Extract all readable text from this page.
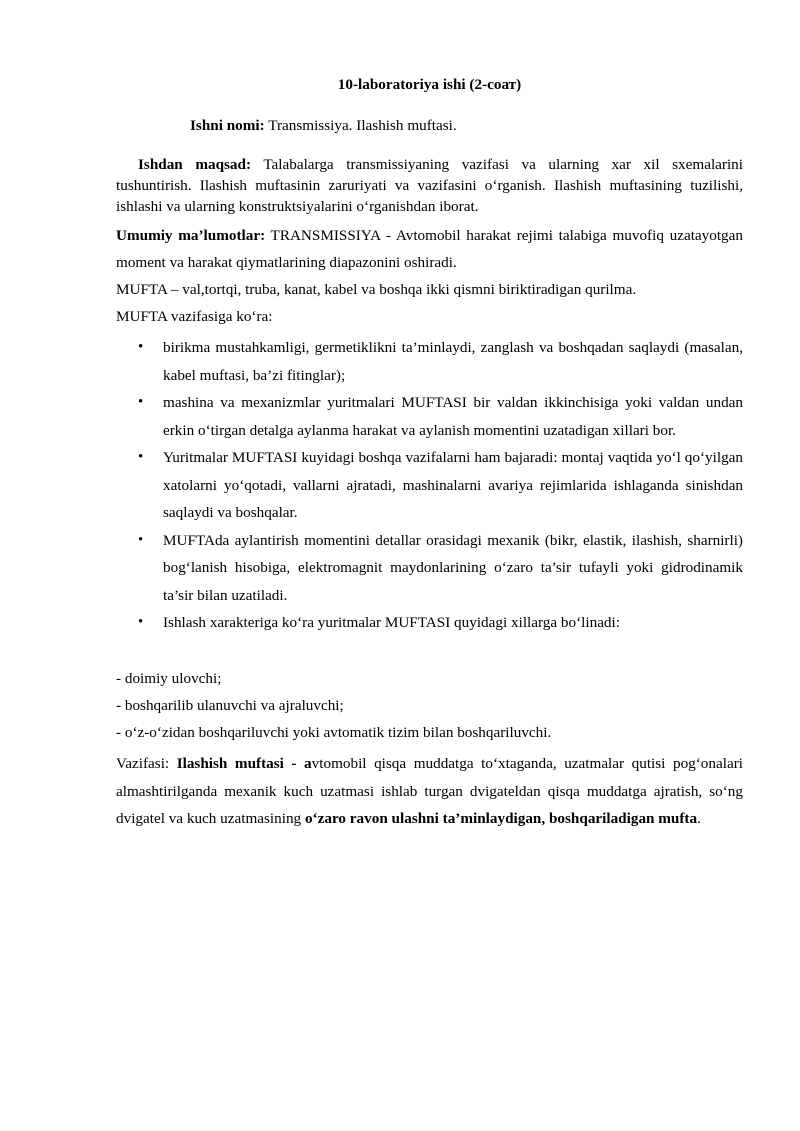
10-laboratoriya ishi (2-соат)
Ishni nomi: Transmissiya. Ilashish muftasi.

Ishdan maqsad: Talabalarga transmissiyaning vazifasi va ularning xar xil sxemalarini tushuntirish. Ilashish muftasinin zaruriyati va vazifasini o‘rganish. Ilashish muftasining tuzilishi, ishlashi va ularning konstruktsiyalarini o‘rganishdan iborat.

Umumiy ma’lumotlar: TRANSMISSIYA - Avtomobil harakat rejimi talabiga muvofiq uzatayotgan moment va harakat qiymatlarining diapazonini oshiradi.

MUFTA – val,tortqi, truba, kanat, kabel va boshqa ikki qismni biriktiradigan qurilma.
MUFTA vazifasiga ko‘ra:
• birikma mustahkamligi, germetiklikni ta’minlaydi, zanglash va boshqadan saqlaydi (masalan, kabel muftasi, ba’zi fitinglar);
• mashina va mexanizmlar yuritmalari MUFTASI bir valdan ikkinchisiga yoki valdan undan erkin o‘tirgan detalga aylanma harakat va aylanish momentini uzatadigan xillari bor.
• Yuritmalar MUFTASI kuyidagi boshqa vazifalarni ham bajaradi: montaj vaqtida yo‘l qo‘yilgan xatolarni yo‘qotadi, vallarni ajratadi, mashinalarni avariya rejimlarida ishlaganda sinishdan saqlaydi va boshqalar.
• MUFTAda aylantirish momentini detallar orasidagi mexanik (bikr, elastik, ilashish, sharnirli) bog‘lanish hisobiga, elektromagnit maydonlarining o‘zaro ta’sir tufayli yoki gidrodinamik ta’sir bilan uzatiladi.
• Ishlash xarakteriga ko‘ra yuritmalar MUFTASI quyidagi xillarga bo‘linadi:
- doimiy ulovchi;
- boshqarilib ulanuvchi va ajraluvchi;
- o‘z-o‘zidan boshqariluvchi yoki avtomatik tizim bilan boshqariluvchi.

Vazifasi: Ilashish muftasi - avtomobil qisqa muddatga to‘xtaganda, uzatmalar qutisi pog‘onalari almashtirilganda mexanik kuch uzatmasi ishlab turgan dvigateldan qisqa muddatga ajratish, so‘ng dvigatel va kuch uzatmasining o‘zaro ravon ulashni ta’minlaydigan, boshqariladigan mufta.
